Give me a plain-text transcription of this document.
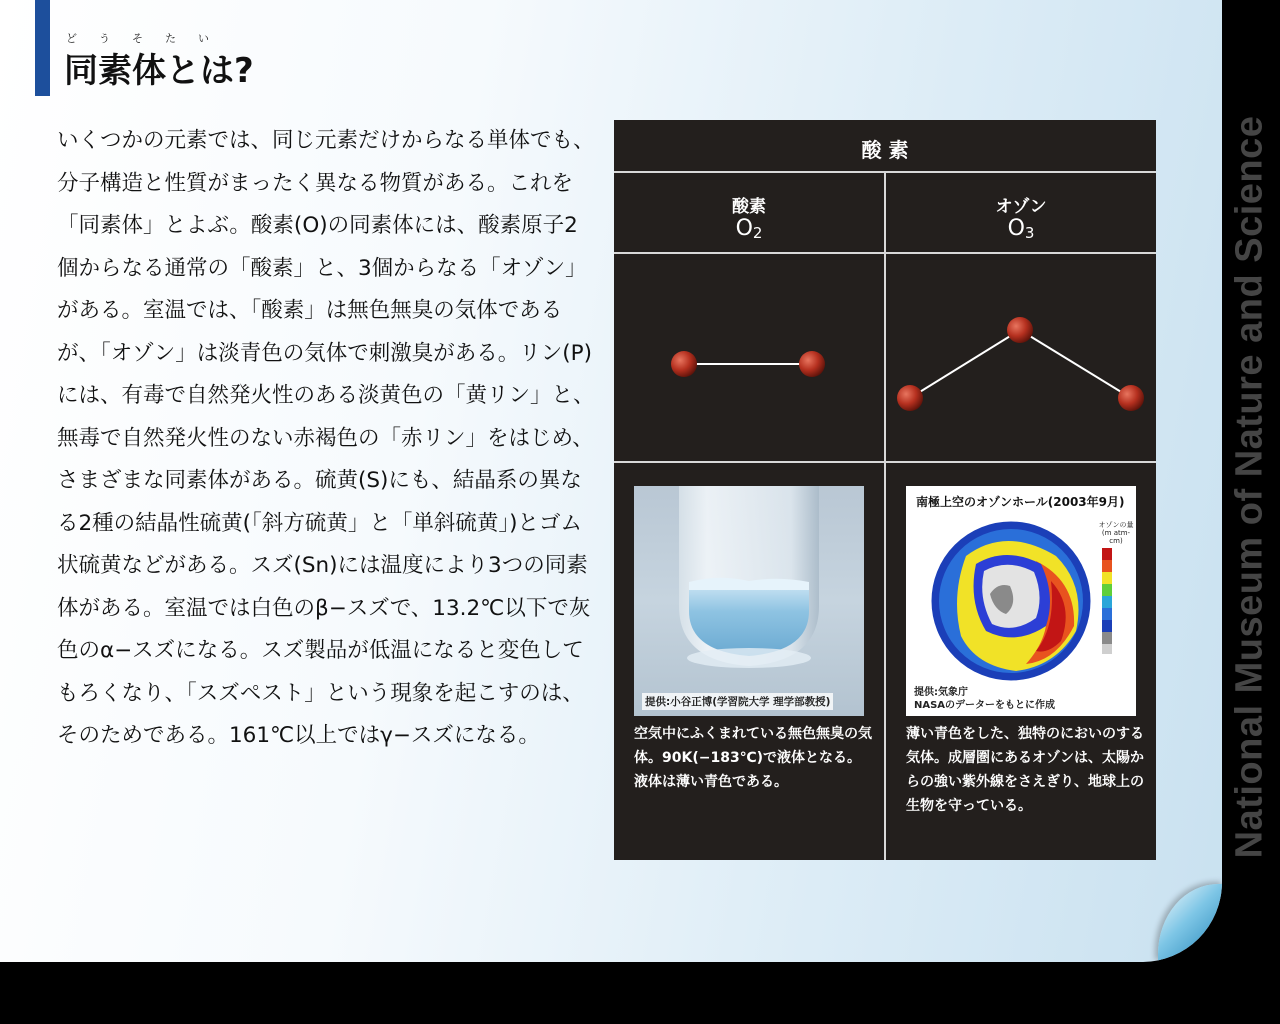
どうそたい
同素体とは?

いくつかの元素では、同じ元素だけからなる単体でも、分子構造と性質がまったく異なる物質がある。これを「同素体」とよぶ。酸素(O)の同素体には、酸素原子2個からなる通常の「酸素」と、3個からなる「オゾン」がある。室温では、「酸素」は無色無臭の気体であるが、「オゾン」は淡青色の気体で刺激臭がある。リン(P)には、有毒で自然発火性のある淡黄色の「黄リン」と、無毒で自然発火性のない赤褐色の「赤リン」をはじめ、さまざまな同素体がある。硫黄(S)にも、結晶系の異なる2種の結晶性硫黄(「斜方硫黄」と「単斜硫黄」)とゴム状硫黄などがある。スズ(Sn)には温度により3つの同素体がある。室温では白色のβ−スズで、13.2℃以下で灰色のα−スズになる。スズ製品が低温になると変色してもろくなり、「スズペスト」という現象を起こすのは、そのためである。161℃以上ではγ−スズになる。

酸 素
酸素
$O_2$
オゾン
$O_3$
提供:小谷正博(学習院大学 理学部教授)
空気中にふくまれている無色無臭の気体。90K(−183℃)で液体となる。液体は薄い青色である。
南極上空のオゾンホール(2003年9月)
オゾンの量 (m atm-cm)
提供:気象庁
NASAのデーターをもとに作成
薄い青色をした、独特のにおいのする気体。成層圏にあるオゾンは、太陽からの強い紫外線をさえぎり、地球上の生物を守っている。	National Museum of Nature and Science
